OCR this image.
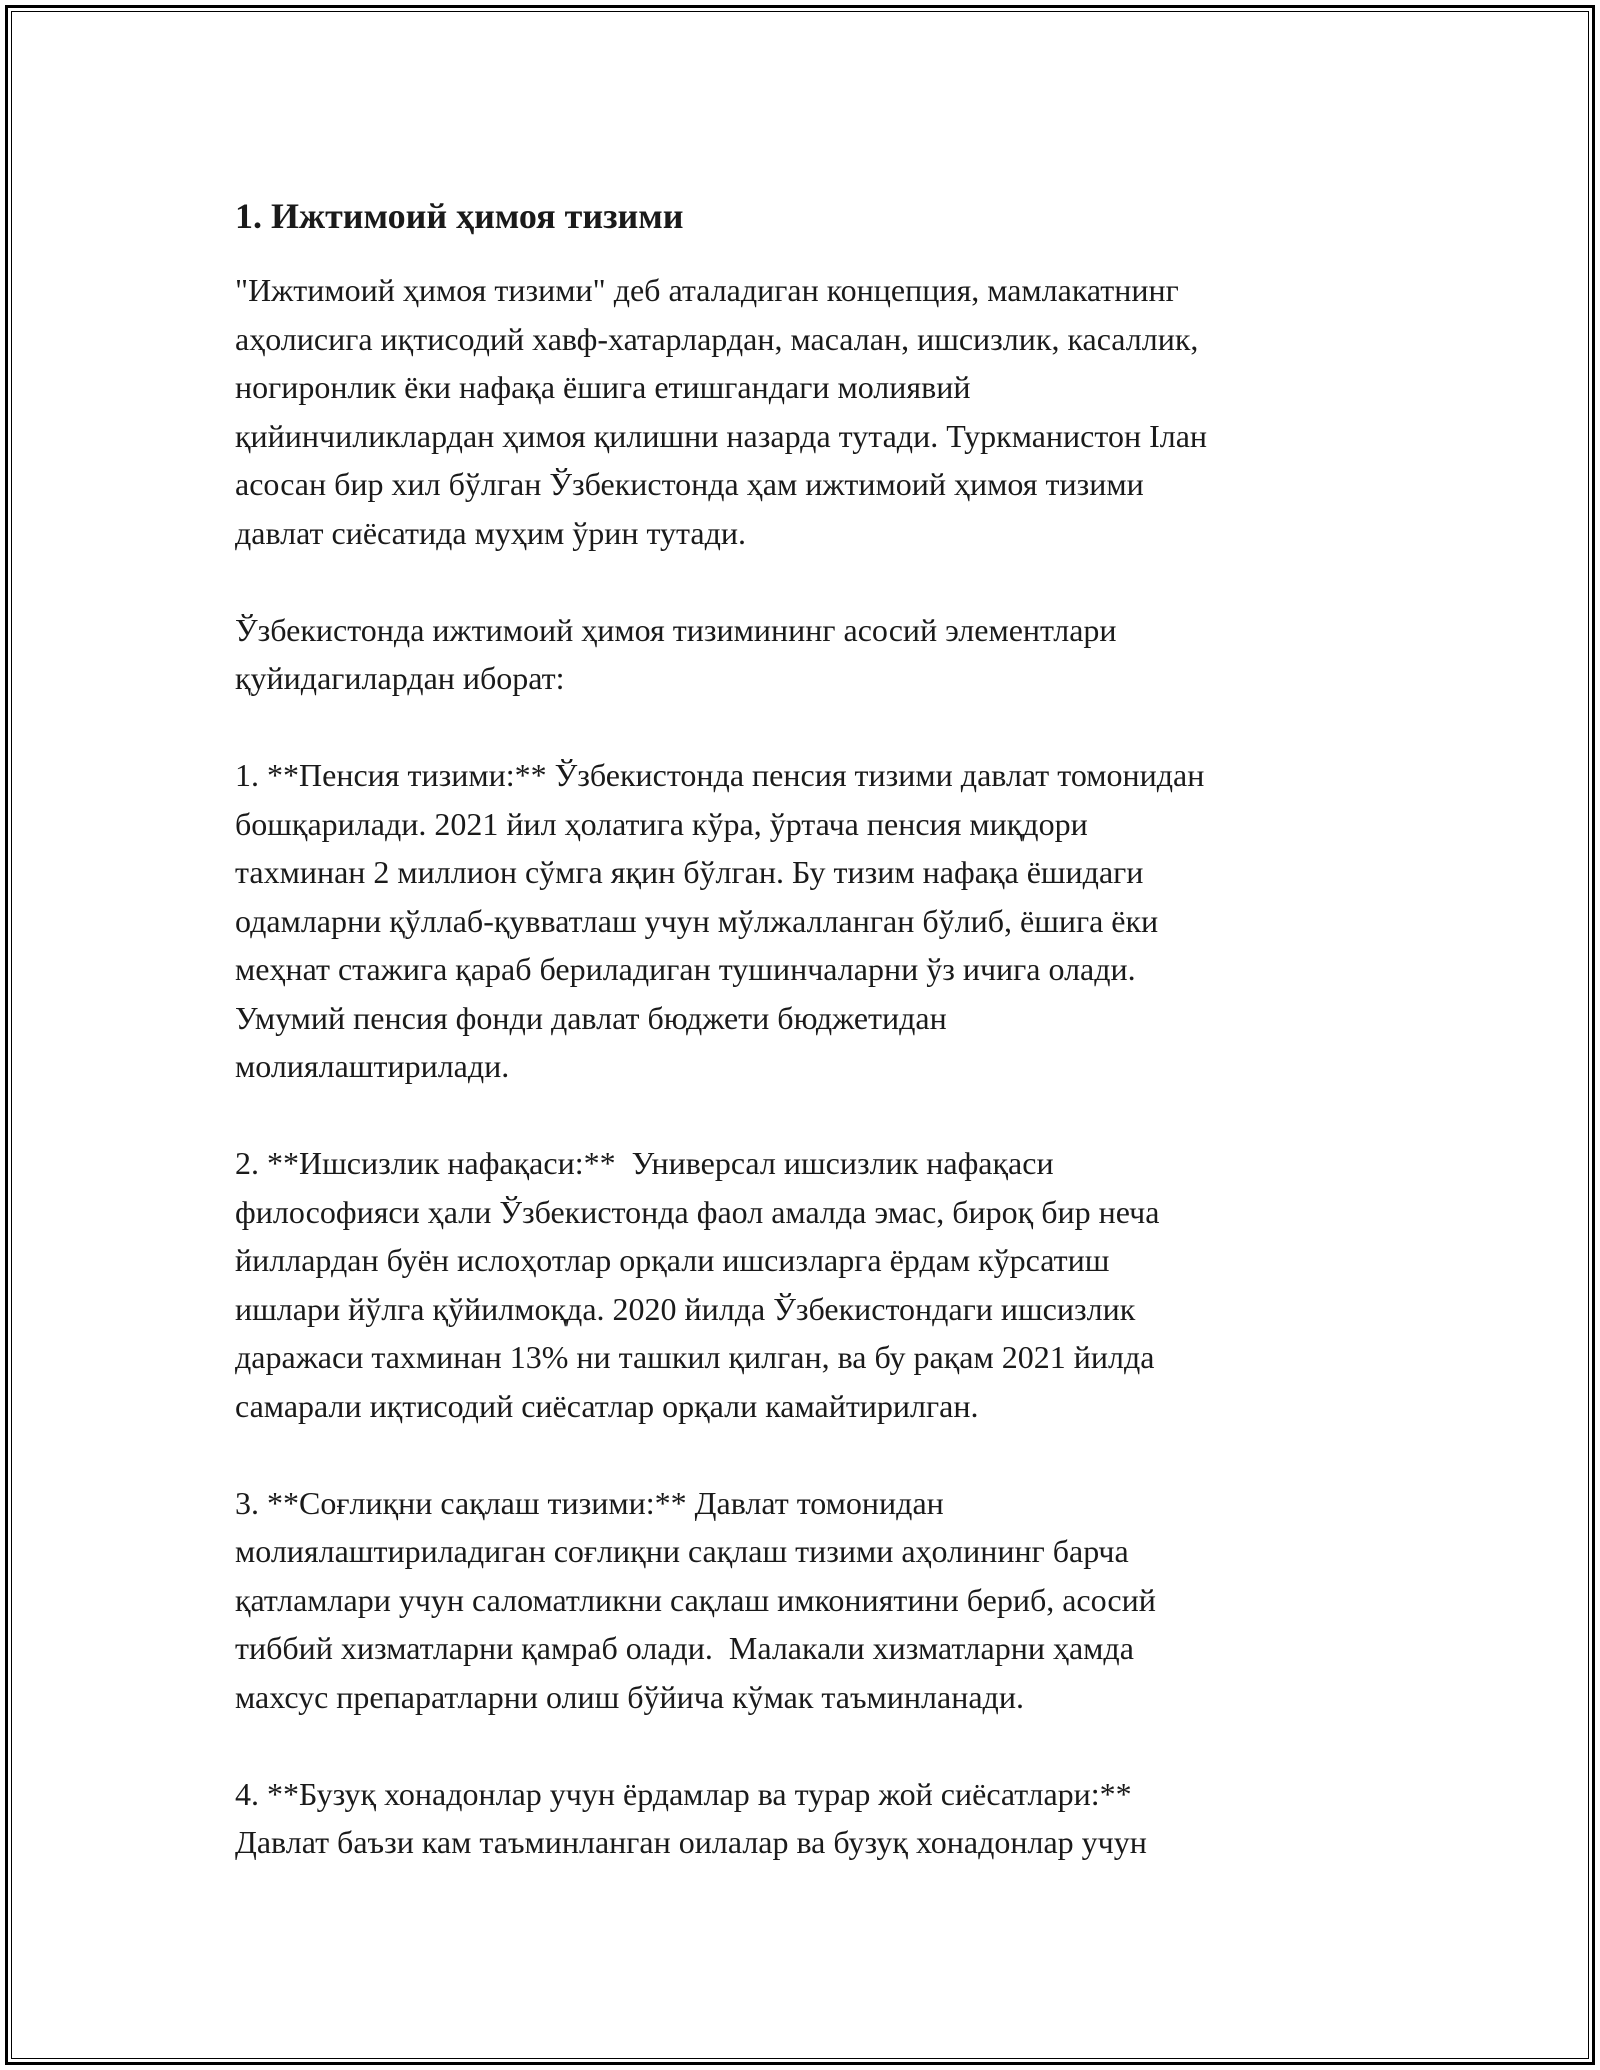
1. Ижтимоий ҳимоя тизими

"Ижтимоий ҳимоя тизими" деб аталадиган концепция, мамлакатнинг
аҳолисига иқтисодий хавф-хатарлардан, масалан, ишсизлик, касаллик,
ногиронлик ёки нафақа ёшига етишгандаги молиявий
қийинчиликлардан ҳимоя қилишни назарда тутади. Туркманистон Ӏлан
асосан бир хил бўлган Ўзбекистонда ҳам ижтимоий ҳимоя тизими
давлат сиёсатида муҳим ўрин тутади.

Ўзбекистонда ижтимоий ҳимоя тизимининг асосий элементлари
қуйидагилардан иборат:

1. **Пенсия тизими:** Ўзбекистонда пенсия тизими давлат томонидан
бошқарилади. 2021 йил ҳолатига кўра, ўртача пенсия миқдори
тахминан 2 миллион сўмга яқин бўлган. Бу тизим нафақа ёшидаги
одамларни қўллаб-қувватлаш учун мўлжалланган бўлиб, ёшига ёки
меҳнат стажига қараб бериладиган тушинчаларни ўз ичига олади.
Умумий пенсия фонди давлат бюджети бюджетидан
молиялаштирилади.

2. **Ишсизлик нафақаси:**  Универсал ишсизлик нафақаси
философияси ҳали Ўзбекистонда фаол амалда эмас, бироқ бир неча
йиллардан буён ислоҳотлар орқали ишсизларга ёрдам кўрсатиш
ишлари йўлга қўйилмоқда. 2020 йилда Ўзбекистондаги ишсизлик
даражаси тахминан 13% ни ташкил қилган, ва бу рақам 2021 йилда
самарали иқтисодий сиёсатлар орқали камайтирилган.

3. **Соғлиқни сақлаш тизими:** Давлат томонидан
молиялаштириладиган соғлиқни сақлаш тизими аҳолининг барча
қатламлари учун саломатликни сақлаш имкониятини бериб, асосий
тиббий хизматларни қамраб олади.  Малакали хизматларни ҳамда
махсус препаратларни олиш бўйича кўмак таъминланади.

4. **Бузуқ хонадонлар учун ёрдамлар ва турар жой сиёсатлари:**
Давлат баъзи кам таъминланган оилалар ва бузуқ хонадонлар учун
